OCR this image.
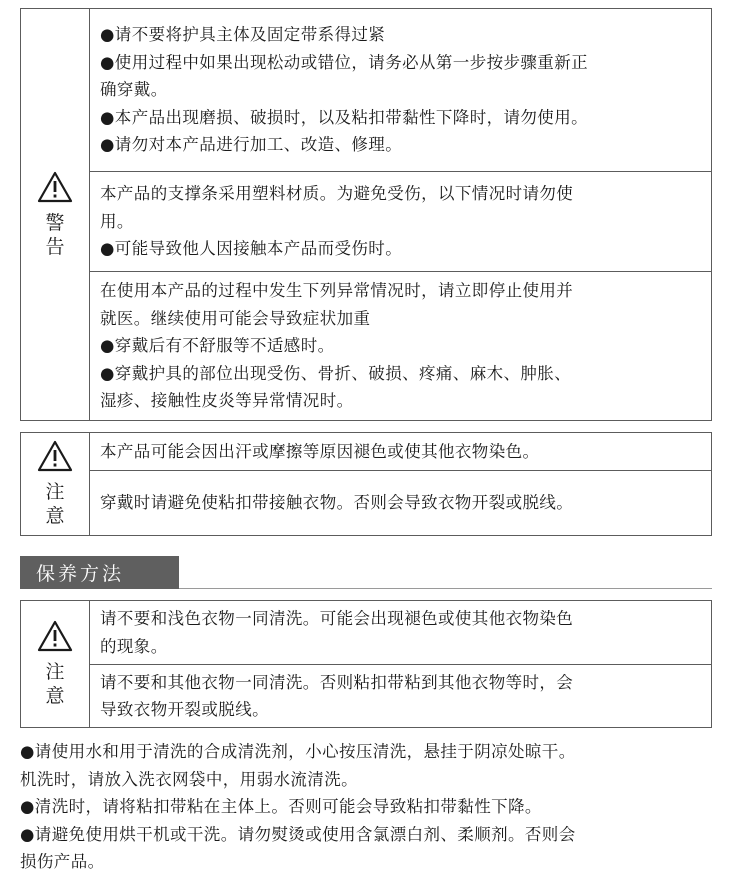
警告
●请不要将护具主体及固定带系得过紧
●使用过程中如果出现松动或错位，请务必从第一步按步骤重新正
确穿戴。
●本产品出现磨损、破损时，以及粘扣带黏性下降时，请勿使用。
●请勿对本产品进行加工、改造、修理。
本产品的支撑条采用塑料材质。为避免受伤，以下情况时请勿使
用。
●可能导致他人因接触本产品而受伤时。
在使用本产品的过程中发生下列异常情况时，请立即停止使用并
就医。继续使用可能会导致症状加重
●穿戴后有不舒服等不适感时。
●穿戴护具的部位出现受伤、骨折、破损、疼痛、麻木、肿胀、
湿疹、接触性皮炎等异常情况时。
注意
本产品可能会因出汗或摩擦等原因褪色或使其他衣物染色。
穿戴时请避免使粘扣带接触衣物。否则会导致衣物开裂或脱线。
保养方法
注意
请不要和浅色衣物一同清洗。可能会出现褪色或使其他衣物染色
的现象。
请不要和其他衣物一同清洗。否则粘扣带粘到其他衣物等时，会
导致衣物开裂或脱线。
●请使用水和用于清洗的合成清洗剂，小心按压清洗，悬挂于阴凉处晾干。
机洗时，请放入洗衣网袋中，用弱水流清洗。
●清洗时，请将粘扣带粘在主体上。否则可能会导致粘扣带黏性下降。
●请避免使用烘干机或干洗。请勿熨烫或使用含氯漂白剂、柔顺剂。否则会
损伤产品。
